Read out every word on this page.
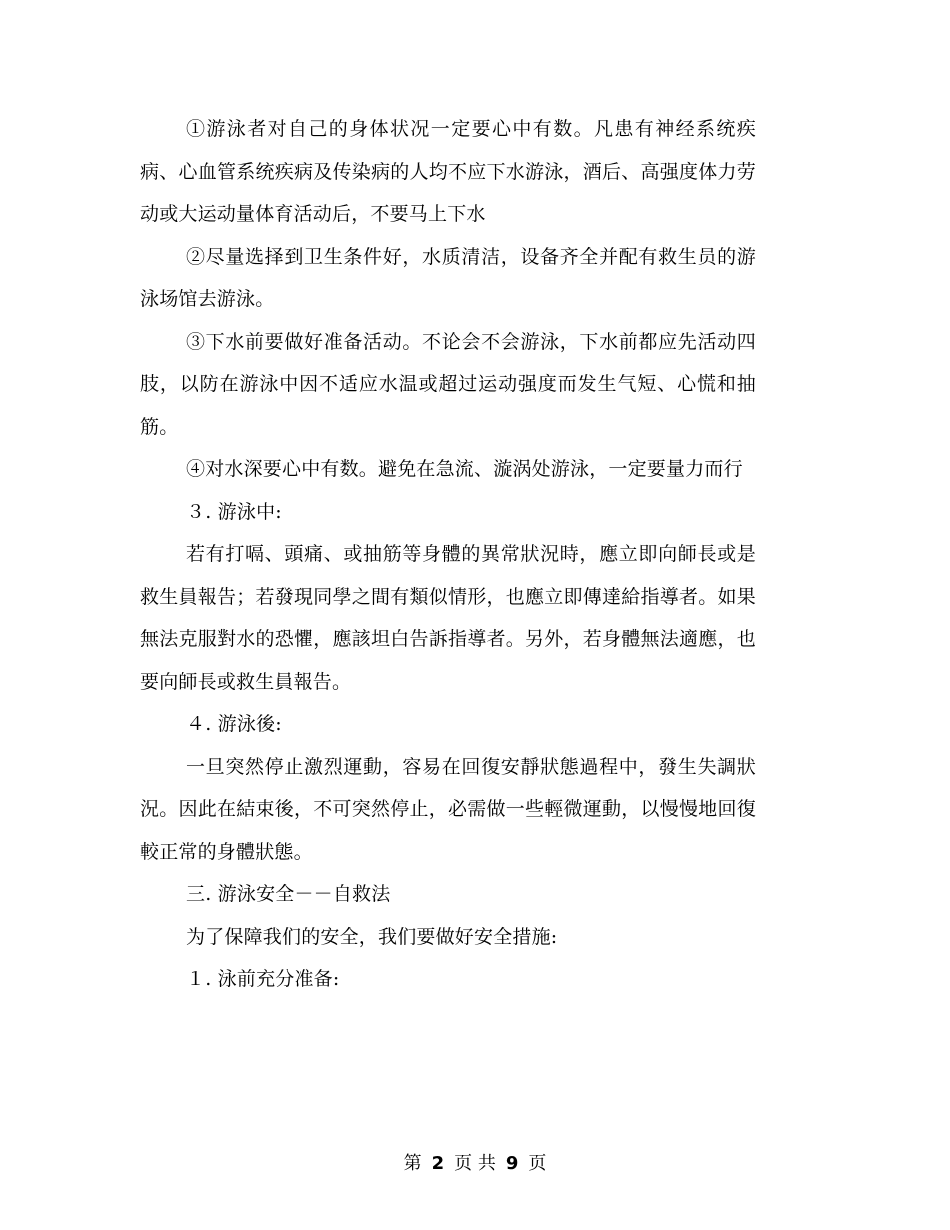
①游泳者对自己的身体状况一定要心中有数。凡患有神经系统疾病、心血管系统疾病及传染病的人均不应下水游泳，酒后、高强度体力劳动或大运动量体育活动后，不要马上下水

②尽量选择到卫生条件好，水质清洁，设备齐全并配有救生员的游泳场馆去游泳。

③下水前要做好准备活动。不论会不会游泳，下水前都应先活动四肢，以防在游泳中因不适应水温或超过运动强度而发生气短、心慌和抽筋。

④对水深要心中有数。避免在急流、漩涡处游泳，一定要量力而行

３. 游泳中:

若有打嗝、頭痛、或抽筋等身體的異常狀況時，應立即向師長或是救生員報告；若發現同學之間有類似情形，也應立即傳達給指導者。如果無法克服對水的恐懼，應該坦白告訴指導者。另外，若身體無法適應，也要向師長或救生員報告。

４. 游泳後:

一旦突然停止激烈運動，容易在回復安靜狀態過程中，發生失調狀況。因此在結束後，不可突然停止，必需做一些輕微運動，以慢慢地回復較正常的身體狀態。

三. 游泳安全－－自救法

为了保障我们的安全，我们要做好安全措施:

１. 泳前充分准备:

第 2 页 共 9 页
